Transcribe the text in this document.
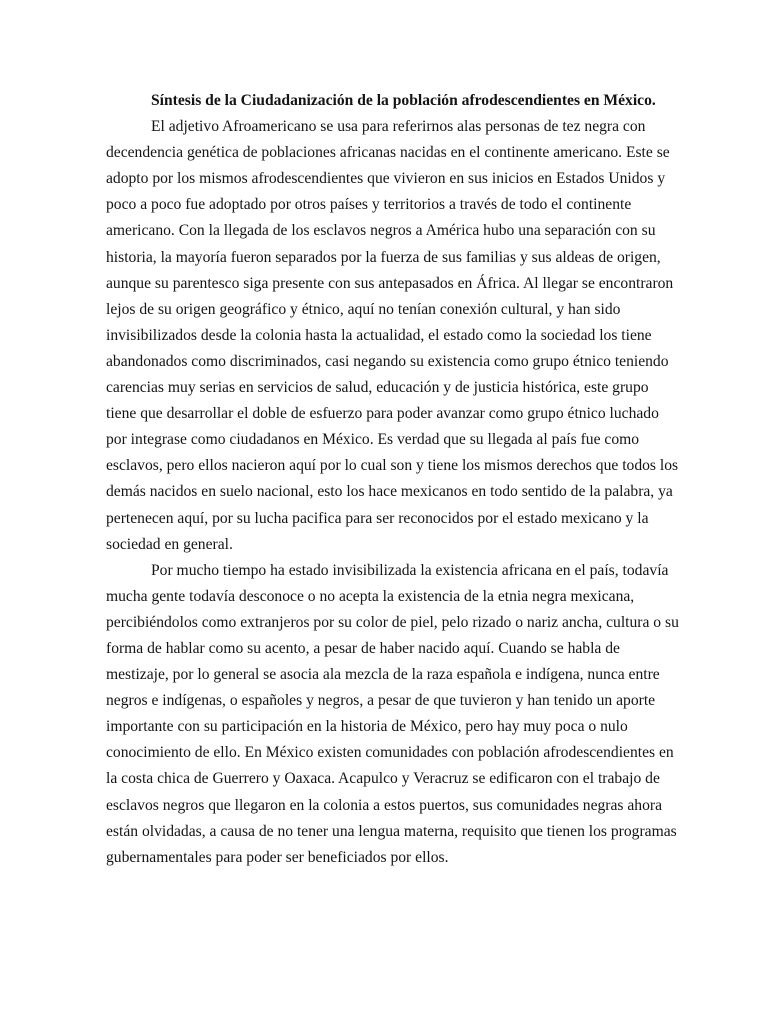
Síntesis de la Ciudadanización de la población afrodescendientes en México.
El adjetivo Afroamericano se usa para referirnos alas personas de tez negra con
decendencia genética de poblaciones africanas nacidas en el continente americano. Este se
adopto por los mismos afrodescendientes que vivieron en sus inicios en Estados Unidos y
poco a poco fue adoptado por otros países y territorios a través de todo el continente
americano. Con la llegada de los esclavos negros a América hubo una separación con su
historia, la mayoría fueron separados por la fuerza de sus familias y sus aldeas de origen,
aunque su parentesco siga presente con sus antepasados en África. Al llegar se encontraron
lejos de su origen geográfico y étnico, aquí no tenían conexión cultural, y han sido
invisibilizados desde la colonia hasta la actualidad, el estado como la sociedad los tiene
abandonados como discriminados, casi negando su existencia como grupo étnico teniendo
carencias muy serias en servicios de salud, educación y de justicia histórica, este grupo
tiene que desarrollar el doble de esfuerzo para poder avanzar como grupo étnico luchado
por integrase como ciudadanos en México. Es verdad que su llegada al país fue como
esclavos, pero ellos nacieron aquí por lo cual son y tiene los mismos derechos que todos los
demás nacidos en suelo nacional, esto los hace mexicanos en todo sentido de la palabra, ya
pertenecen aquí, por su lucha pacifica para ser reconocidos por el estado mexicano y la
sociedad en general.
Por mucho tiempo ha estado invisibilizada la existencia africana en el país, todavía
mucha gente todavía desconoce o no acepta la existencia de la etnia negra mexicana,
percibiéndolos como extranjeros por su color de piel, pelo rizado o nariz ancha, cultura o su
forma de hablar como su acento, a pesar de haber nacido aquí. Cuando se habla de
mestizaje, por lo general se asocia ala mezcla de la raza española e indígena, nunca entre
negros e indígenas, o españoles y negros, a pesar de que tuvieron y han tenido un aporte
importante con su participación en la historia de México, pero hay muy poca o nulo
conocimiento de ello. En México existen comunidades con población afrodescendientes en
la costa chica de Guerrero y Oaxaca. Acapulco y Veracruz se edificaron con el trabajo de
esclavos negros que llegaron en la colonia a estos puertos, sus comunidades negras ahora
están olvidadas, a causa de no tener una lengua materna, requisito que tienen los programas
gubernamentales para poder ser beneficiados por ellos.
